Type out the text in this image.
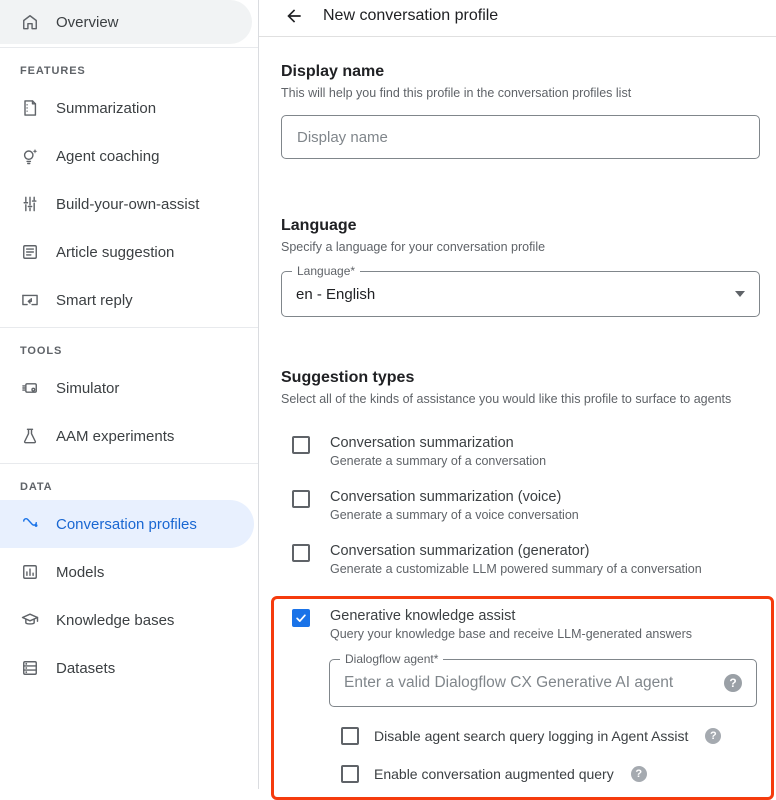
Overview
FEATURES
Summarization
Agent coaching
Build-your-own-assist
Article suggestion
Smart reply
TOOLS
Simulator
AAM experiments
DATA
Conversation profiles
Models
Knowledge bases
Datasets
New conversation profile
Display name

This will help you find this profile in the conversation profiles list

Display name
Language

Specify a language for your conversation profile

Language*
en - English
Suggestion types

Select all of the kinds of assistance you would like this profile to surface to agents

Conversation summarization
Generate a summary of a conversation
Conversation summarization (voice)
Generate a summary of a voice conversation
Conversation summarization (generator)
Generate a customizable LLM powered summary of a conversation
Generative knowledge assist
Query your knowledge base and receive LLM-generated answers
Dialogflow agent*
Enter a valid Dialogflow CX Generative AI agent	?
Disable agent search query logging in Agent Assist	?
Enable conversation augmented query	?
